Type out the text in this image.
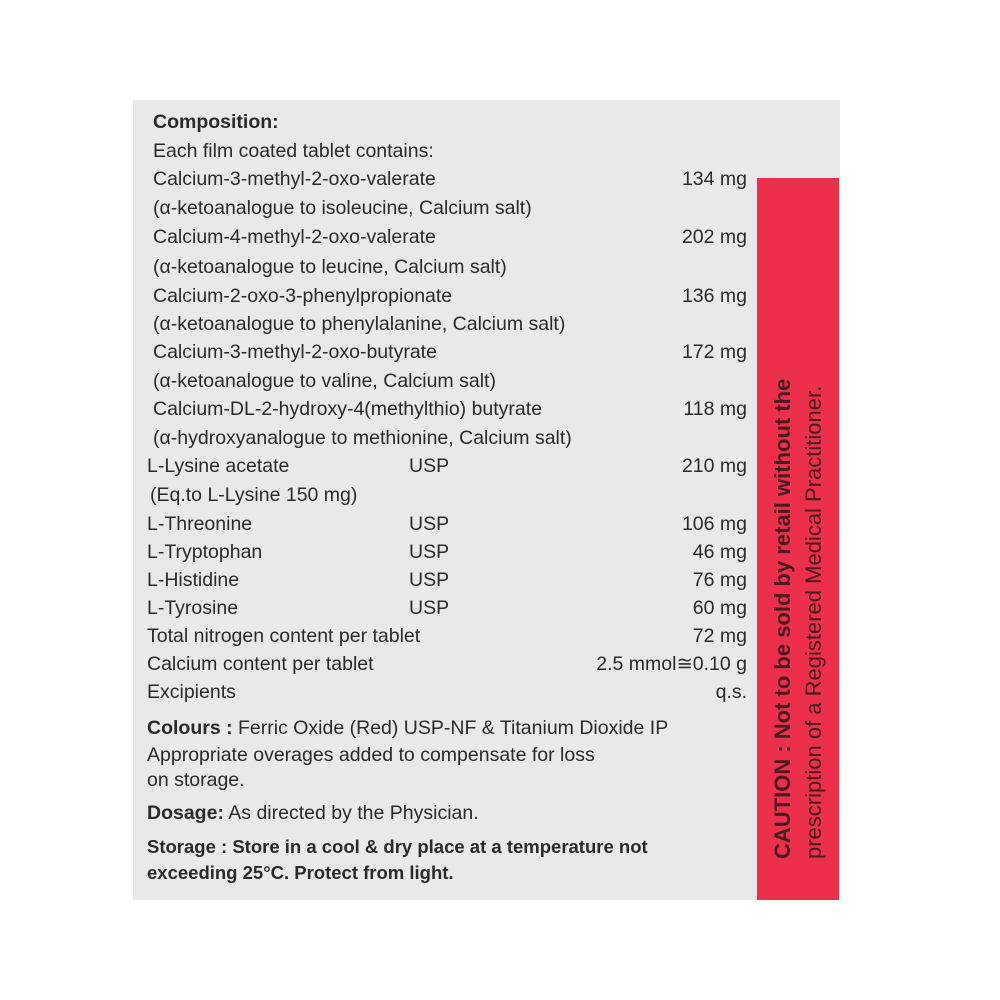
Composition:
Each film coated tablet contains:
Calcium-3-methyl-2-oxo-valerate	134 mg
(α-ketoanalogue to isoleucine, Calcium salt)
Calcium-4-methyl-2-oxo-valerate	202 mg
(α-ketoanalogue to leucine, Calcium salt)
Calcium-2-oxo-3-phenylpropionate	136 mg
(α-ketoanalogue to phenylalanine, Calcium salt)
Calcium-3-methyl-2-oxo-butyrate	172 mg
(α-ketoanalogue to valine, Calcium salt)
Calcium-DL-2-hydroxy-4(methylthio) butyrate	118 mg
(α-hydroxyanalogue to methionine, Calcium salt)
L-Lysine acetate	USP	210 mg
(Eq.to L-Lysine 150 mg)
L-Threonine	USP	106 mg
L-Tryptophan	USP	46 mg
L-Histidine	USP	76 mg
L-Tyrosine	USP	60 mg
Total nitrogen content per tablet	72 mg
Calcium content per tablet	2.5 mmol≅0.10 g
Excipients	q.s.
Colours : Ferric Oxide (Red) USP-NF & Titanium Dioxide IP
Appropriate overages added to compensate for loss
on storage.
Dosage: As directed by the Physician.
Storage : Store in a cool & dry place at a temperature not
exceeding 25°C. Protect from light.
CAUTION : Not to be sold by retail without the prescription of a Registered Medical Practitioner.
